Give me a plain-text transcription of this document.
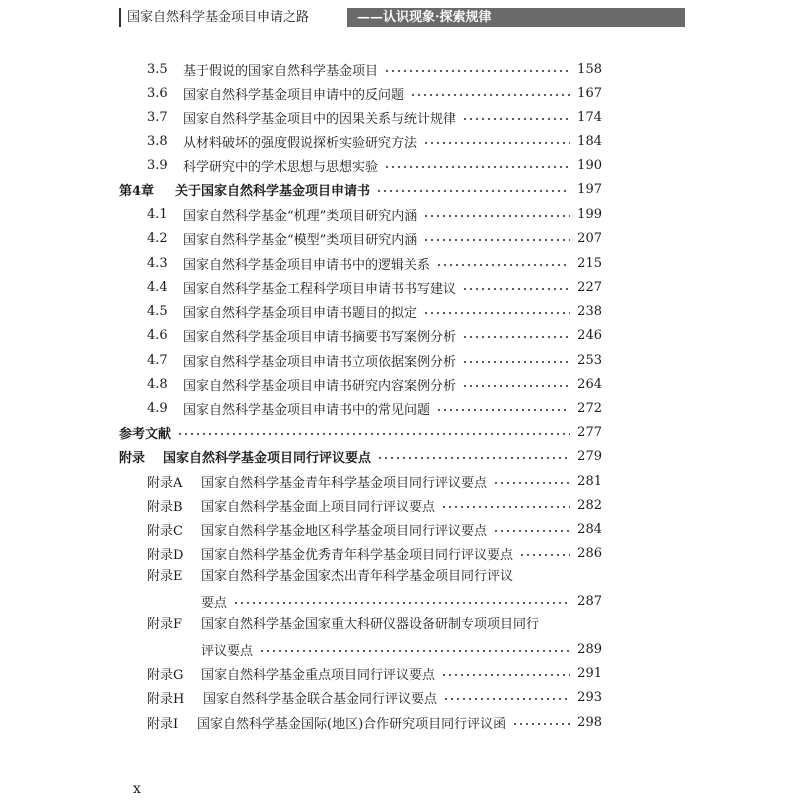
国家自然科学基金项目申请之路	——认识现象·探索规律
3.5	基于假说的国家自然科学基金项目	158
3.6	国家自然科学基金项目申请中的反问题	167
3.7	国家自然科学基金项目中的因果关系与统计规律	174
3.8	从材料破坏的强度假说探析实验研究方法	184
3.9	科学研究中的学术思想与思想实验	190
第4章	关于国家自然科学基金项目申请书	197
4.1	国家自然科学基金“机理”类项目研究内涵	199
4.2	国家自然科学基金“模型”类项目研究内涵	207
4.3	国家自然科学基金项目申请书中的逻辑关系	215
4.4	国家自然科学基金工程科学项目申请书书写建议	227
4.5	国家自然科学基金项目申请书题目的拟定	238
4.6	国家自然科学基金项目申请书摘要书写案例分析	246
4.7	国家自然科学基金项目申请书立项依据案例分析	253
4.8	国家自然科学基金项目申请书研究内容案例分析	264
4.9	国家自然科学基金项目申请书中的常见问题	272
参考文献	277
附录	国家自然科学基金项目同行评议要点	279
附录A	国家自然科学基金青年科学基金项目同行评议要点	281
附录B	国家自然科学基金面上项目同行评议要点	282
附录C	国家自然科学基金地区科学基金项目同行评议要点	284
附录D	国家自然科学基金优秀青年科学基金项目同行评议要点	286
附录E 国家自然科学基金国家杰出青年科学基金项目同行评议
要点	287
附录F 国家自然科学基金国家重大科研仪器设备研制专项项目同行
评议要点	289
附录G	国家自然科学基金重点项目同行评议要点	291
附录H	国家自然科学基金联合基金同行评议要点	293
附录I	国家自然科学基金国际(地区)合作研究项目同行评议函	298
x
